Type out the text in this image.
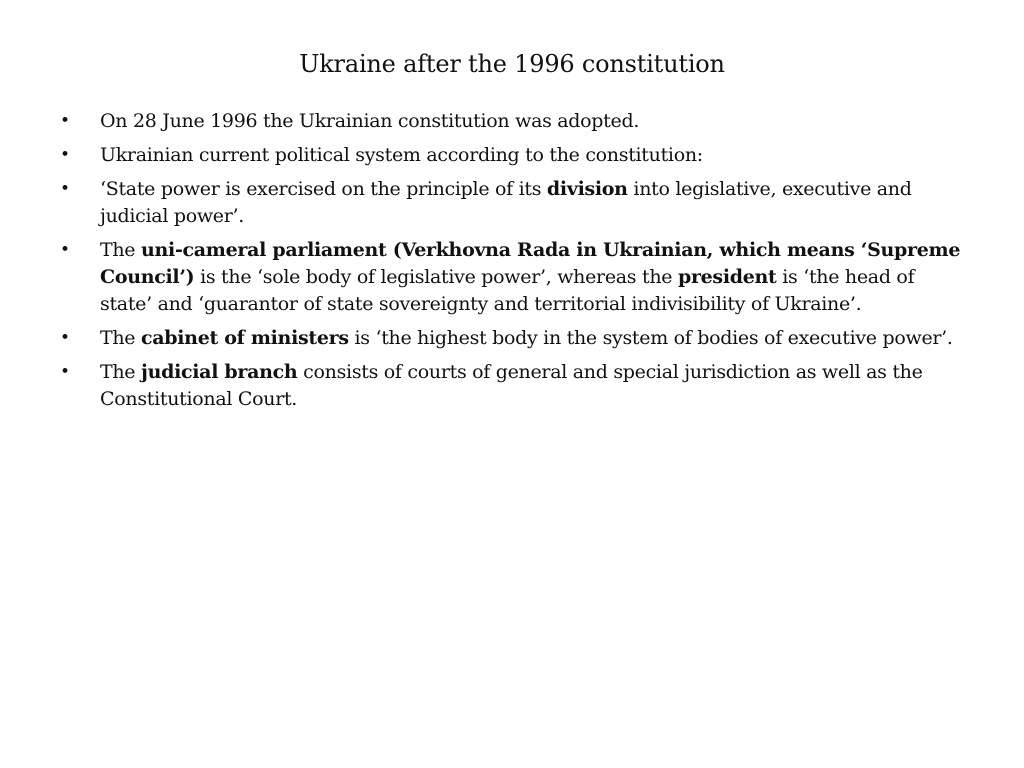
Ukraine after the 1996 constitution
• On 28 June 1996 the Ukrainian constitution was adopted.
• Ukrainian current political system according to the constitution:
• ‘State power is exercised on the principle of its division into legislative, executive and judicial power’.
• The uni-cameral parliament (Verkhovna Rada in Ukrainian, which means ‘Supreme Council’) is the ‘sole body of legislative power’, whereas the president is ‘the head of state’ and ‘guarantor of state sovereignty and territorial indivisibility of Ukraine’.
• The cabinet of ministers is ‘the highest body in the system of bodies of executive power’.
• The judicial branch consists of courts of general and special jurisdiction as well as the Constitutional Court.
